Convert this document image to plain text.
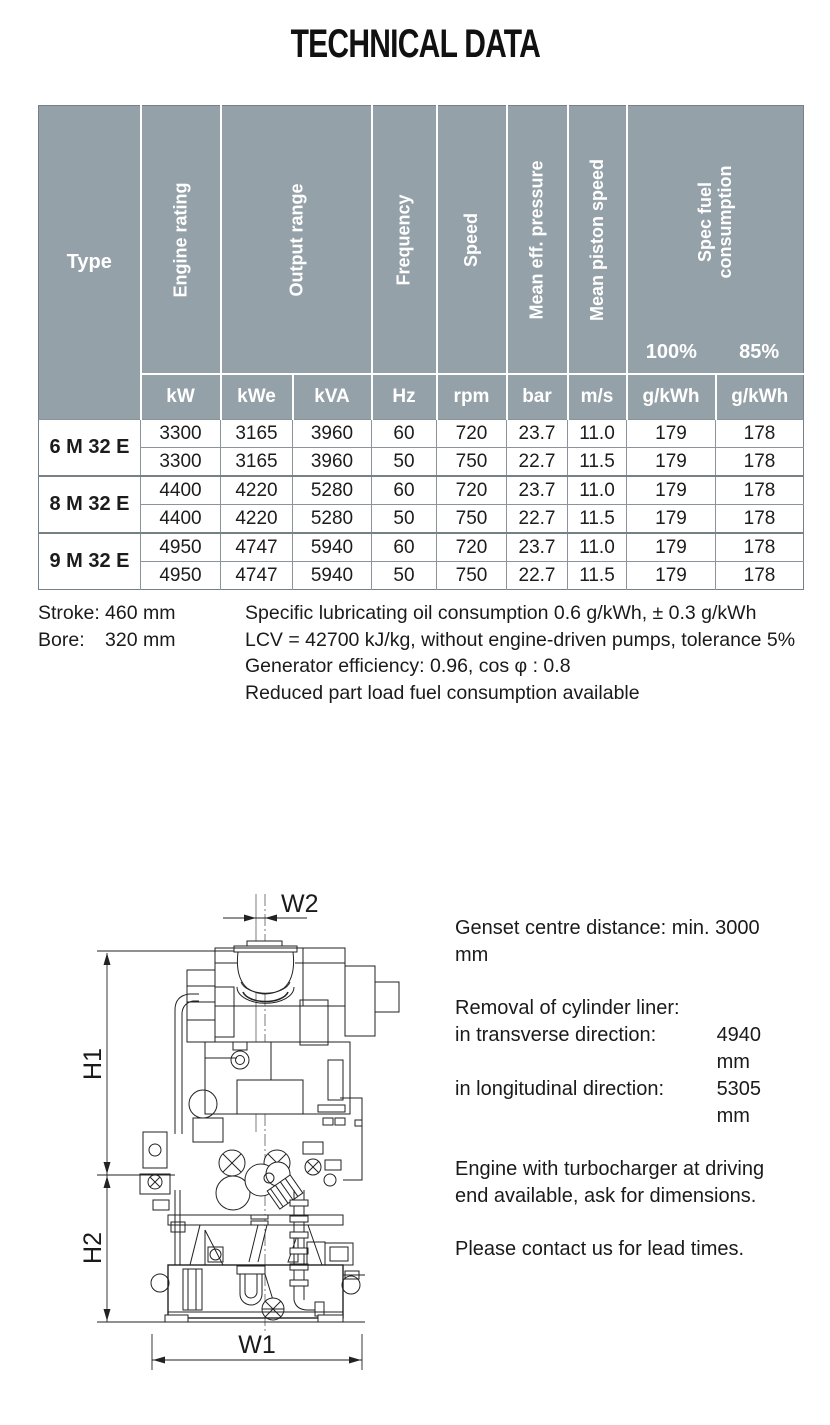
TECHNICAL DATA
Type	Engine rating	Output range		Frequency	Speed	Mean eff. pressure	Mean piston speed	Spec fuel consumption
100% 85%	

	kW	kWe	kVA	Hz	rpm	bar	m/s	g/kWh	g/kWh
6 M 32 E	3300	3165	3960	60	720	23.7	11.0	179	178
	3300	3165	3960	50	750	22.7	11.5	179	178
8 M 32 E	4400	4220	5280	60	720	23.7	11.0	179	178
	4400	4220	5280	50	750	22.7	11.5	179	178
9 M 32 E	4950	4747	5940	60	720	23.7	11.0	179	178
	4950	4747	5940	50	750	22.7	11.5	179	178
Stroke: 460 mm
Bore:	320 mm
Specific lubricating oil consumption 0.6 g/kWh, ± 0.3 g/kWh
LCV = 42700 kJ/kg, without engine-driven pumps, tolerance 5%
Generator efficiency: 0.96, cos φ : 0.8
Reduced part load fuel consumption available
W2
H1
H2
W1
Genset centre distance: min. 3000 mm
Removal of cylinder liner:
in transverse direction:	4940 mm
in longitudinal direction:	5305 mm
Engine with turbocharger at driving
end available, ask for dimensions.
Please contact us for lead times.
